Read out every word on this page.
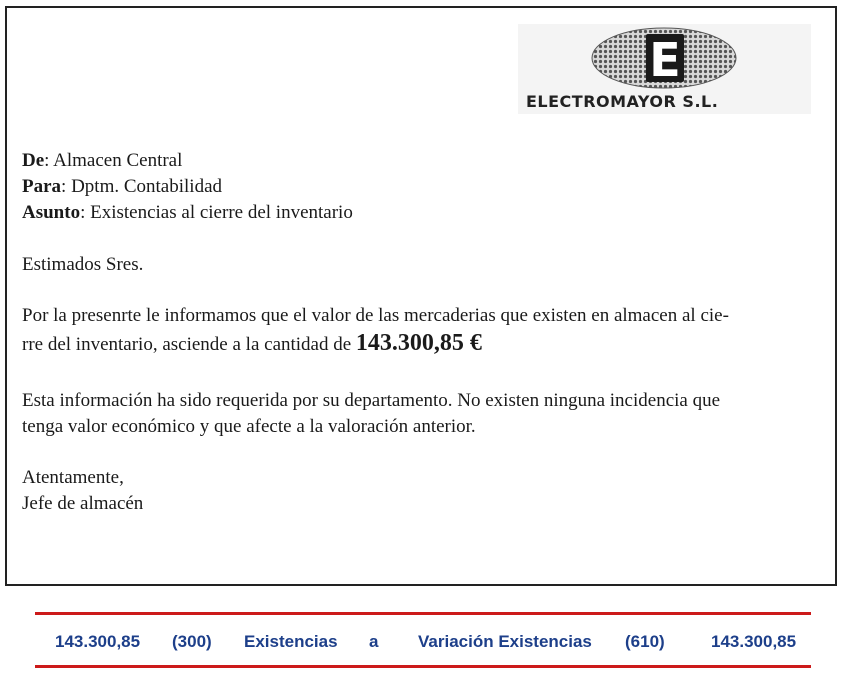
E
ELECTROMAYOR S.L.
De: Almacen Central
Para: Dptm. Contabilidad
Asunto: Existencias al cierre del inventario
Estimados Sres.
Por la presenrte le informamos que el valor de las mercaderias que existen en almacen al cie-
rre del inventario, asciende a la cantidad de 143.300,85 €
Esta información ha sido requerida por su departamento. No existen ninguna incidencia que
tenga valor económico y que afecte a la valoración anterior.
Atentamente,
Jefe de almacén
143.300,85 (300) Existencias a Variación Existencias (610)	143.300,85
